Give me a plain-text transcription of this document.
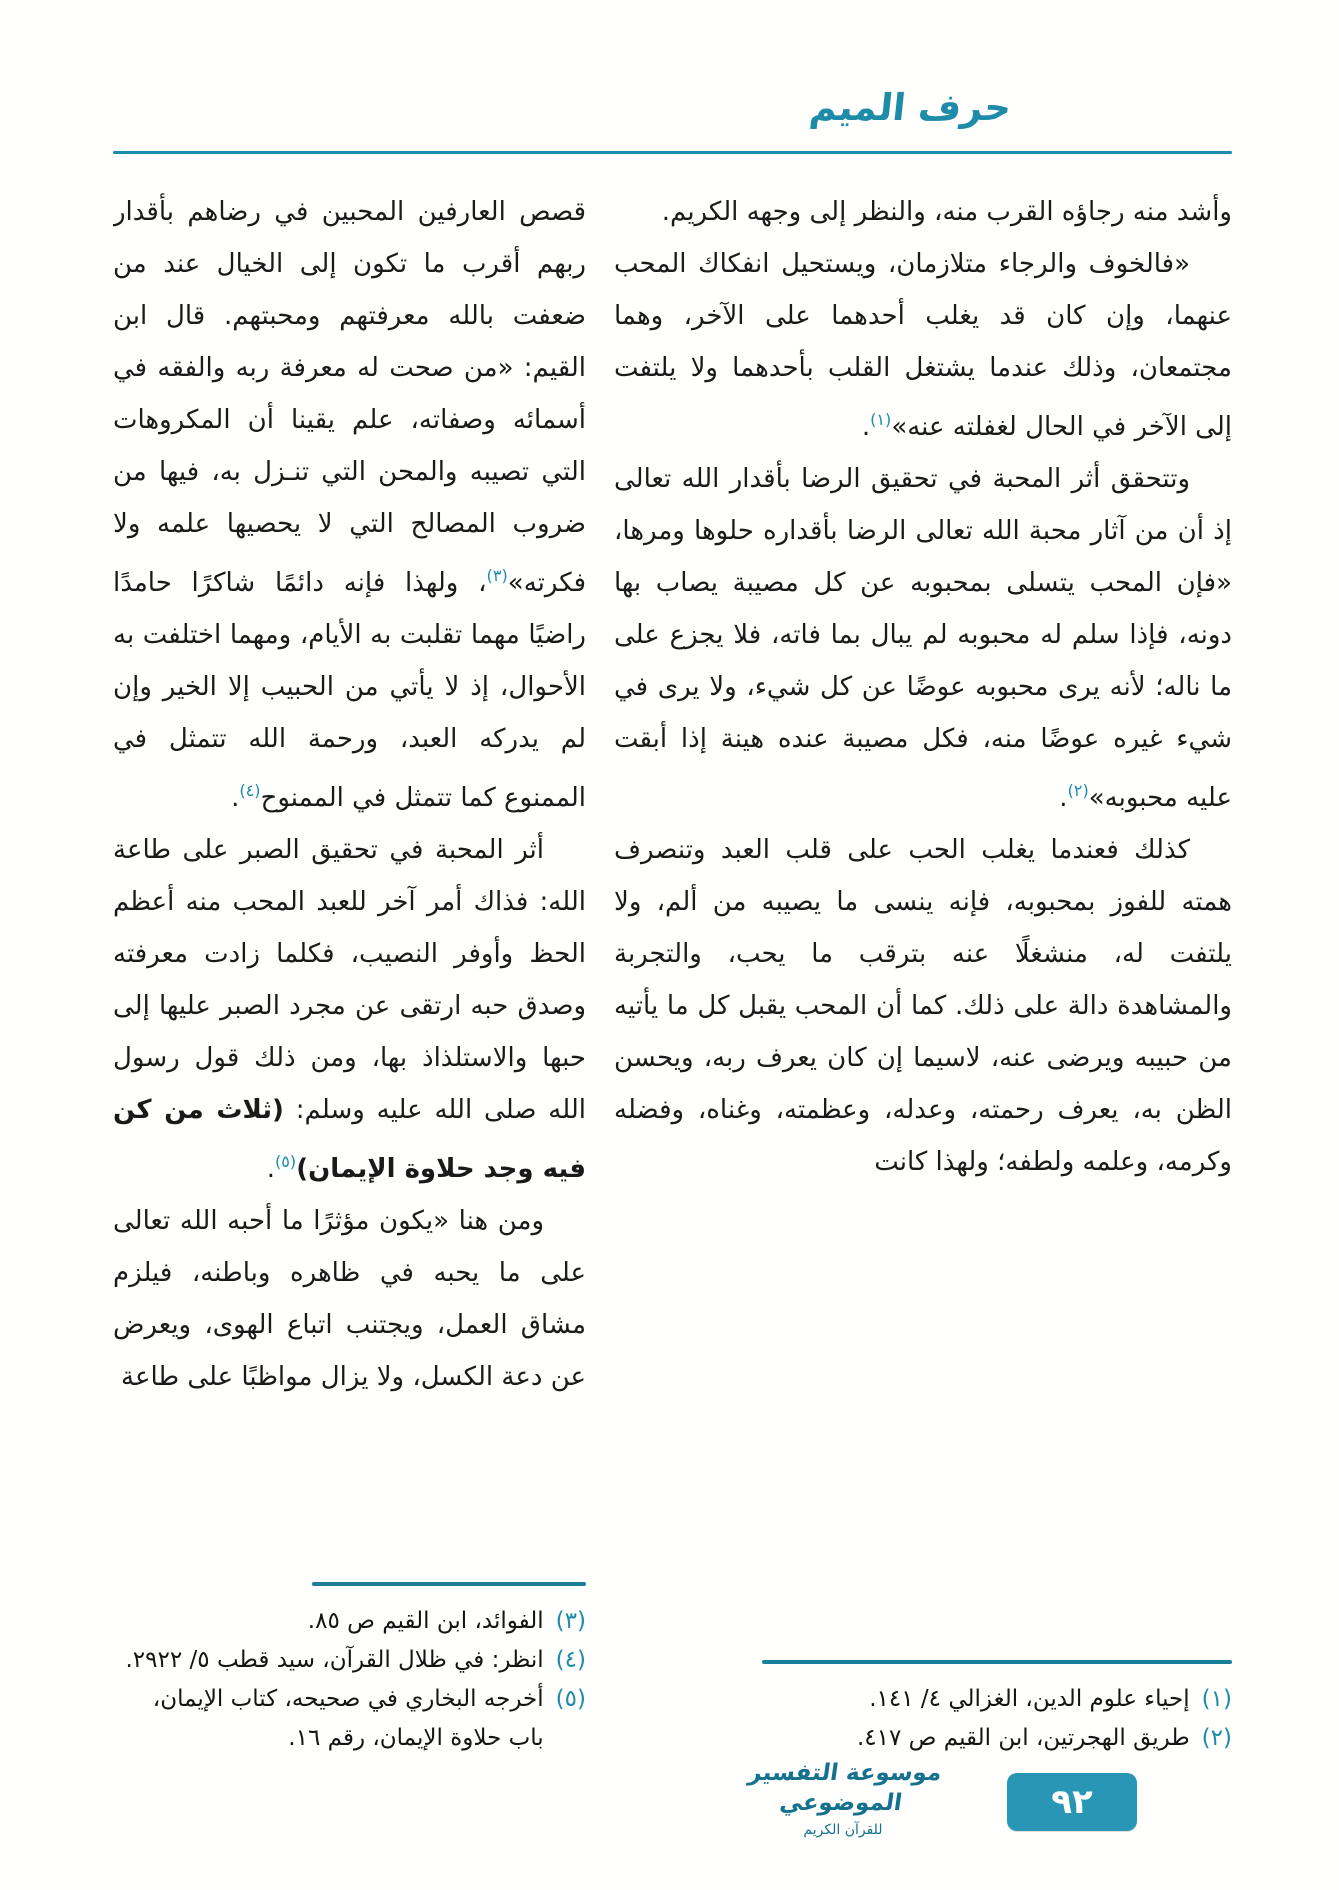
حرف الميم

وأشد منه رجاؤه القرب منه، والنظر إلى وجهه الكريم.

«فالخوف والرجاء متلازمان، ويستحيل انفكاك المحب عنهما، وإن كان قد يغلب أحدهما على الآخر، وهما مجتمعان، وذلك عندما يشتغل القلب بأحدهما ولا يلتفت إلى الآخر في الحال لغفلته عنه»$^{(١)}$.

وتتحقق أثر المحبة في تحقيق الرضا بأقدار الله تعالى إذ أن من آثار محبة الله تعالى الرضا بأقداره حلوها ومرها، «فإن المحب يتسلى بمحبوبه عن كل مصيبة يصاب بها دونه، فإذا سلم له محبوبه لم يبال بما فاته، فلا يجزع على ما ناله؛ لأنه يرى محبوبه عوضًا عن كل شيء، ولا يرى في شيء غيره عوضًا منه، فكل مصيبة عنده هينة إذا أبقت عليه محبوبه»$^{(٢)}$.

كذلك فعندما يغلب الحب على قلب العبد وتنصرف همته للفوز بمحبوبه، فإنه ينسى ما يصيبه من ألم، ولا يلتفت له، منشغلًا عنه بترقب ما يحب، والتجربة والمشاهدة دالة على ذلك. كما أن المحب يقبل كل ما يأتيه من حبيبه ويرضى عنه، لاسيما إن كان يعرف ربه، ويحسن الظن به، يعرف رحمته، وعدله، وعظمته، وغناه، وفضله وكرمه، وعلمه ولطفه؛ ولهذا كانت

(١)
إحياء علوم الدين، الغزالي ٤/ ١٤١.
(٢)
طريق الهجرتين، ابن القيم ص ٤١٧.

قصص العارفين المحبين في رضاهم بأقدار ربهم أقرب ما تكون إلى الخيال عند من ضعفت بالله معرفتهم ومحبتهم. قال ابن القيم: «من صحت له معرفة ربه والفقه في أسمائه وصفاته، علم يقينا أن المكروهات التي تصيبه والمحن التي تنـزل به، فيها من ضروب المصالح التي لا يحصيها علمه ولا فكرته»$^{(٣)}$، ولهذا فإنه دائمًا شاكرًا حامدًا راضيًا مهما تقلبت به الأيام، ومهما اختلفت به الأحوال، إذ لا يأتي من الحبيب إلا الخير وإن لم يدركه العبد، ورحمة الله تتمثل في الممنوع كما تتمثل في الممنوح$^{(٤)}$.

أثر المحبة في تحقيق الصبر على طاعة الله: فذاك أمر آخر للعبد المحب منه أعظم الحظ وأوفر النصيب، فكلما زادت معرفته وصدق حبه ارتقى عن مجرد الصبر عليها إلى حبها والاستلذاذ بها، ومن ذلك قول رسول الله صلى الله عليه وسلم: (ثلاث من كن فيه وجد حلاوة الإيمان)$^{(٥)}$.

ومن هنا «يكون مؤثرًا ما أحبه الله تعالى على ما يحبه في ظاهره وباطنه، فيلزم مشاق العمل، ويجتنب اتباع الهوى، ويعرض عن دعة الكسل، ولا يزال مواظبًا على طاعة

(٣)
الفوائد، ابن القيم ص ٨٥.
(٤)
انظر: في ظلال القرآن، سيد قطب ٥/ ٢٩٢٢.
(٥)
أخرجه البخاري في صحيحه، كتاب الإيمان، باب حلاوة الإيمان، رقم ١٦.
موسوعة التفسير الموضوعي
للقرآن الكريم
٩٢
